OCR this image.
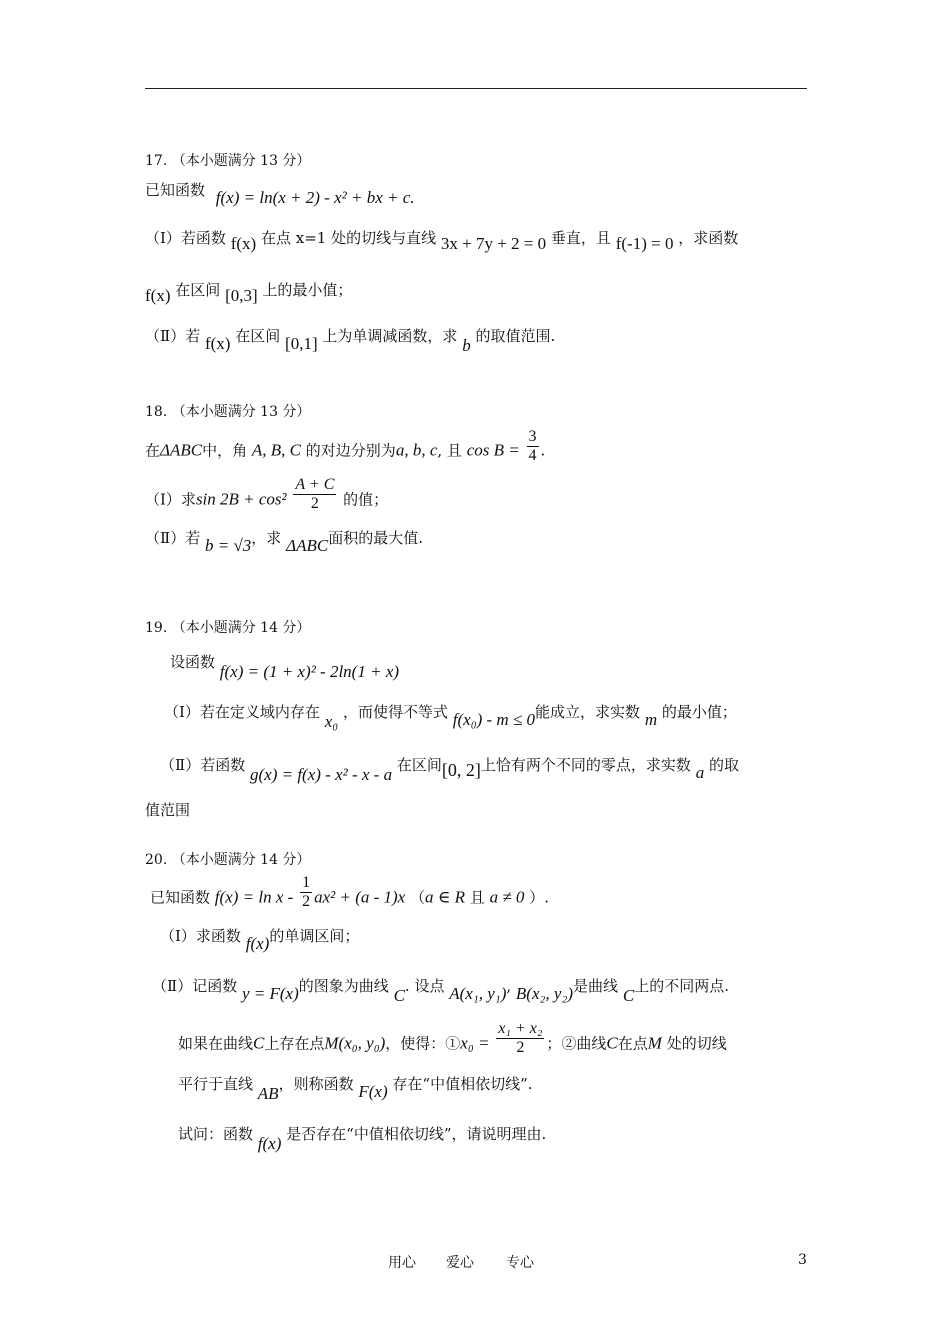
17. （本小题满分 13 分）
已知函数 f(x) = ln(x + 2) - x² + bx + c.
（Ⅰ）若函数 f(x) 在点 x=1 处的切线与直线 3x + 7y + 2 = 0 垂直，且 f(-1) = 0 ，求函数
f(x) 在区间 [0,3] 上的最小值；
（Ⅱ）若 f(x) 在区间 [0,1] 上为单调减函数，求 b 的取值范围.
18. （本小题满分 13 分）
在ΔABC中，角 A, B, C 的对边分别为a, b, c, 且 $\cos B = \frac{3}{4}$ .
（Ⅰ）求$\sin 2B + \cos^2 \frac{A + C}{2}$ 的值；
（Ⅱ）若 b = √3，求 ΔABC面积的最大值.
19. （本小题满分 14 分）
设函数 f(x) = (1 + x)² - 2ln(1 + x)
（Ⅰ）若在定义域内存在 x₀ ，而使得不等式 f(x₀) - m ≤ 0能成立，求实数 m 的最小值；
（Ⅱ）若函数 g(x) = f(x) - x² - x - a 在区间[0, 2]上恰有两个不同的零点，求实数 a 的取
值范围
20. （本小题满分 14 分）
已知函数 $f(x) = \ln x - \frac{1}{2} ax^2 + (a - 1)x$ （a ∈ R 且 a ≠ 0 ）.
（Ⅰ）求函数 f(x)的单调区间；
（Ⅱ）记函数 y = F(x)的图象为曲线 C. 设点 A(x₁, y₁), B(x₂, y₂)是曲线 C上的不同两点.
如果在曲线C上存在点M(x₀, y₀)，使得：①x₀ = $\frac{\text{x₁ + x₂}}{2}$ ；②曲线C在点M 处的切线
平行于直线 AB，则称函数 F(x) 存在“中值相依切线”.
试问：函数 f(x) 是否存在“中值相依切线”，请说明理由.
用心 爱心 专心	3
